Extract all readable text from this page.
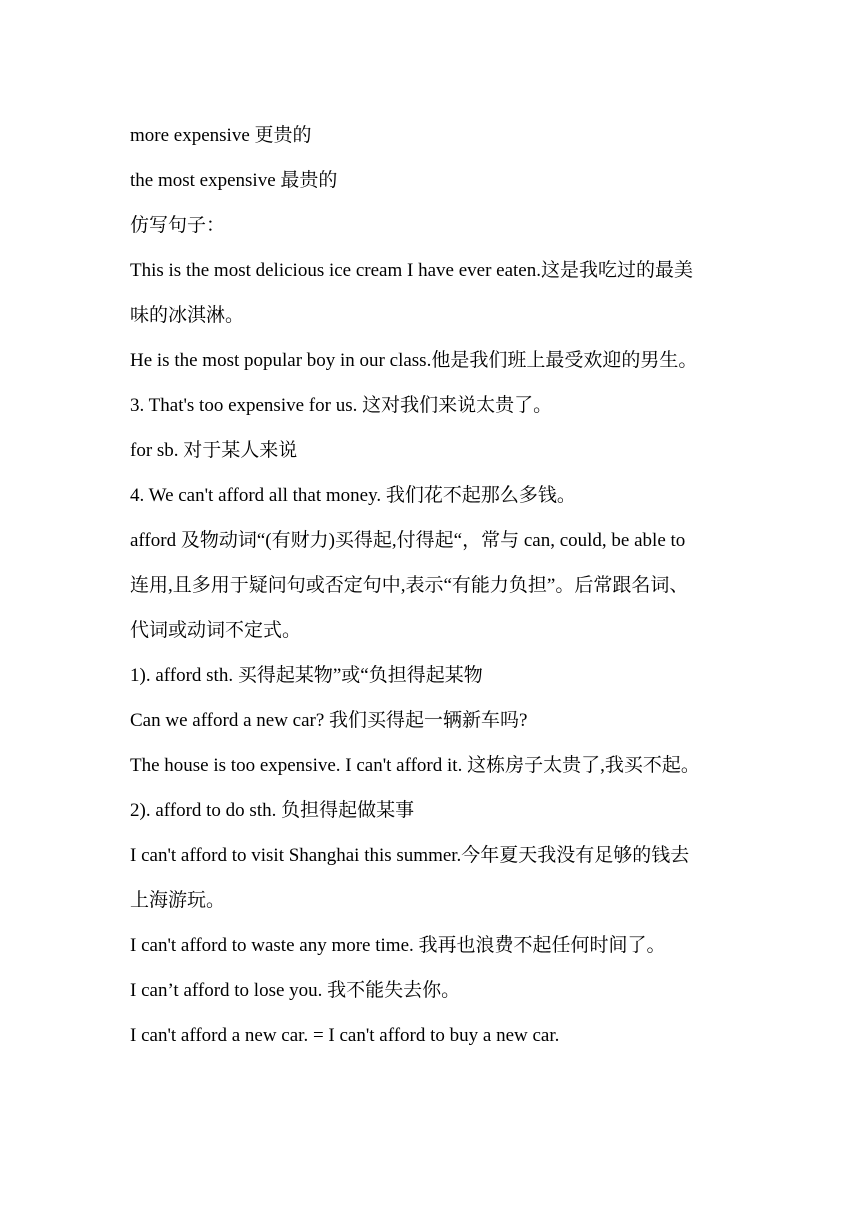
more expensive 更贵的

the most expensive 最贵的

仿写句子：

This is the most delicious ice cream I have ever eaten.这是我吃过的最美

味的冰淇淋。

He is the most popular boy in our class.他是我们班上最受欢迎的男生。

3. That's too expensive for us. 这对我们来说太贵了。

for sb. 对于某人来说

4. We can't afford all that money. 我们花不起那么多钱。

afford 及物动词“(有财力)买得起,付得起“，常与 can, could, be able to

连用,且多用于疑问句或否定句中,表示“有能力负担”。后常跟名词、

代词或动词不定式。

1). afford sth. 买得起某物”或“负担得起某物

Can we afford a new car? 我们买得起一辆新车吗?

The house is too expensive. I can't afford it. 这栋房子太贵了,我买不起。

2). afford to do sth. 负担得起做某事

I can't afford to visit Shanghai this summer.今年夏天我没有足够的钱去

上海游玩。

I can't afford to waste any more time. 我再也浪费不起任何时间了。

I can’t afford to lose you. 我不能失去你。

I can't afford a new car. = I can't afford to buy a new car.
